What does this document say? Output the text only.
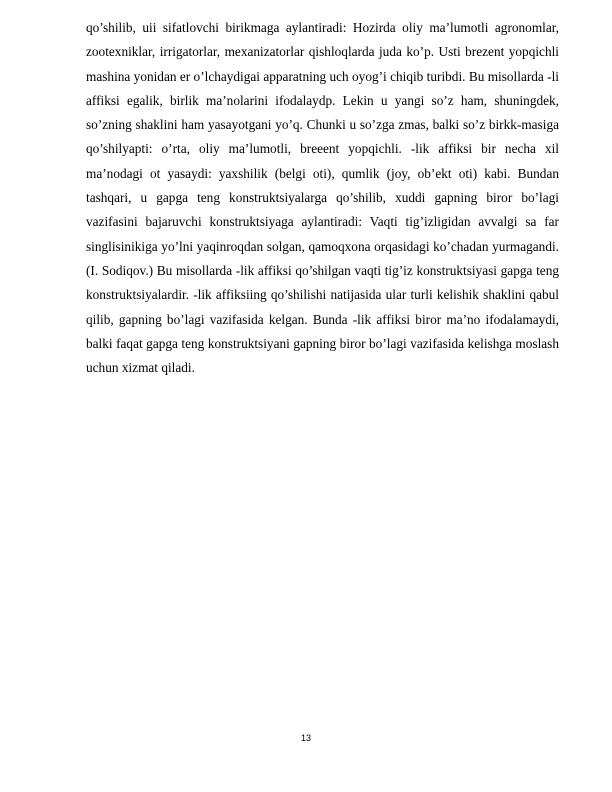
qo’shilib, uii sifatlovchi birikmaga aylantiradi: Hozirda oliy ma’lumotli agronomlar, zootexniklar, irrigatorlar, mexanizatorlar qishloqlarda juda ko’p. Usti brezent yopqichli mashina yonidan er o’lchaydigai apparatning uch oyog’i chiqib turibdi. Bu misollarda -li affiksi egalik, birlik ma’nolarini ifodalaydp. Lekin u yangi so’z ham, shuningdek, so’zning shaklini ham yasayotgani yo’q. Chunki u so’zga zmas, balki so’z birkk-masiga qo’shilyapti: o’rta, oliy ma’lumotli, breeent yopqichli. -lik affiksi bir necha xil ma’nodagi ot yasaydi: yaxshilik (belgi oti), qumlik (joy, ob’ekt oti) kabi. Bundan tashqari, u gapga teng konstruktsiyalarga qo’shilib, xuddi gapning biror bo’lagi vazifasini bajaruvchi konstruktsiyaga aylantiradi: Vaqti tig’izligidan avvalgi sa far singlisinikiga yo’lni yaqinroqdan solgan, qamoqxona orqasidagi ko’chadan yurmagandi. (I. Sodiqov.) Bu misollarda -lik affiksi qo’shilgan vaqti tig’iz konstruktsiyasi gapga teng konstruktsiyalardir. -lik affiksiing qo’shilishi natijasida ular turli kelishik shaklini qabul qilib, gapning bo’lagi vazifasida kelgan. Bunda -lik affiksi biror ma’no ifodalamaydi, balki faqat gapga teng konstruktsiyani gapning biror bo’lagi vazifasida kelishga moslash uchun xizmat qiladi.

13
